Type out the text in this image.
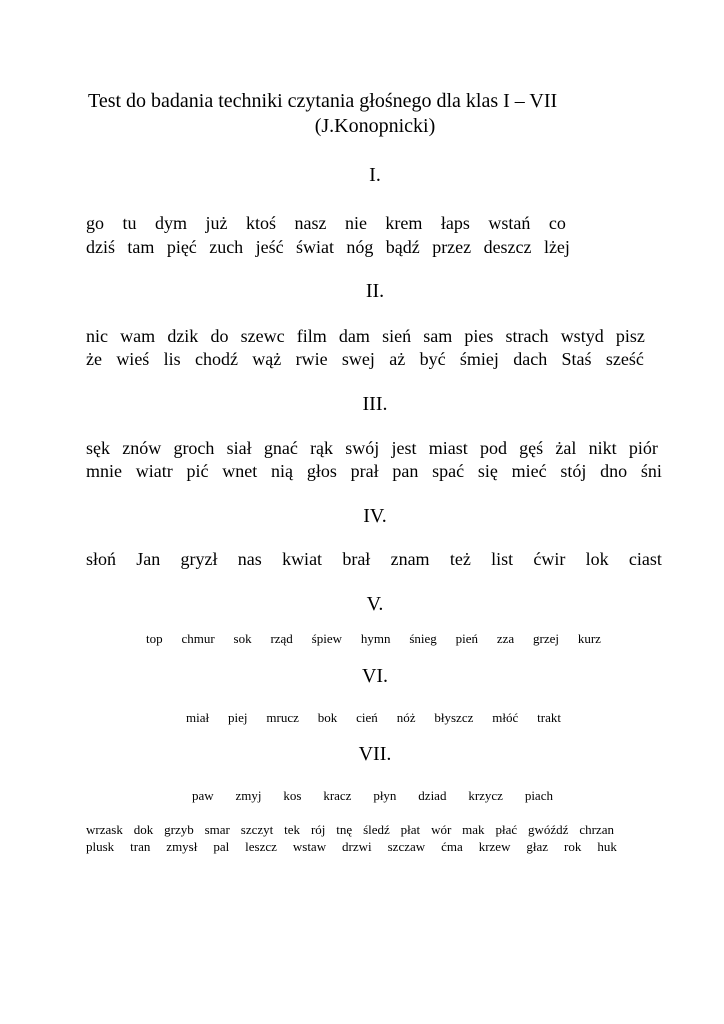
Test do badania techniki czytania głośnego dla klas I – VII
(J.Konopnicki)
I.
go tu dym już ktoś nasz nie krem łaps wstań co
dziś tam pięć zuch jeść świat nóg bądź przez deszcz lżej
II.
nic wam dzik do szewc film dam sień sam pies strach wstyd pisz
że wieś lis chodź wąż rwie swej aż być śmiej dach Staś sześć
III.
sęk znów groch siał gnać rąk swój jest miast pod gęś żal nikt piór
mnie wiatr pić wnet nią głos prał pan spać się mieć stój dno śni
IV.
słoń Jan gryzł nas kwiat brał znam też list ćwir lok ciast
V.
top chmur sok rząd śpiew hymn śnieg pień zza grzej kurz
VI.
miał piej mrucz bok cień nóż błyszcz młóć trakt
VII.
paw zmyj kos kracz płyn dziad krzycz piach
wrzask dok grzyb smar szczyt tek rój tnę śledź płat wór mak płać gwóźdź chrzan
plusk tran zmysł pal leszcz wstaw drzwi szczaw ćma krzew głaz rok huk
